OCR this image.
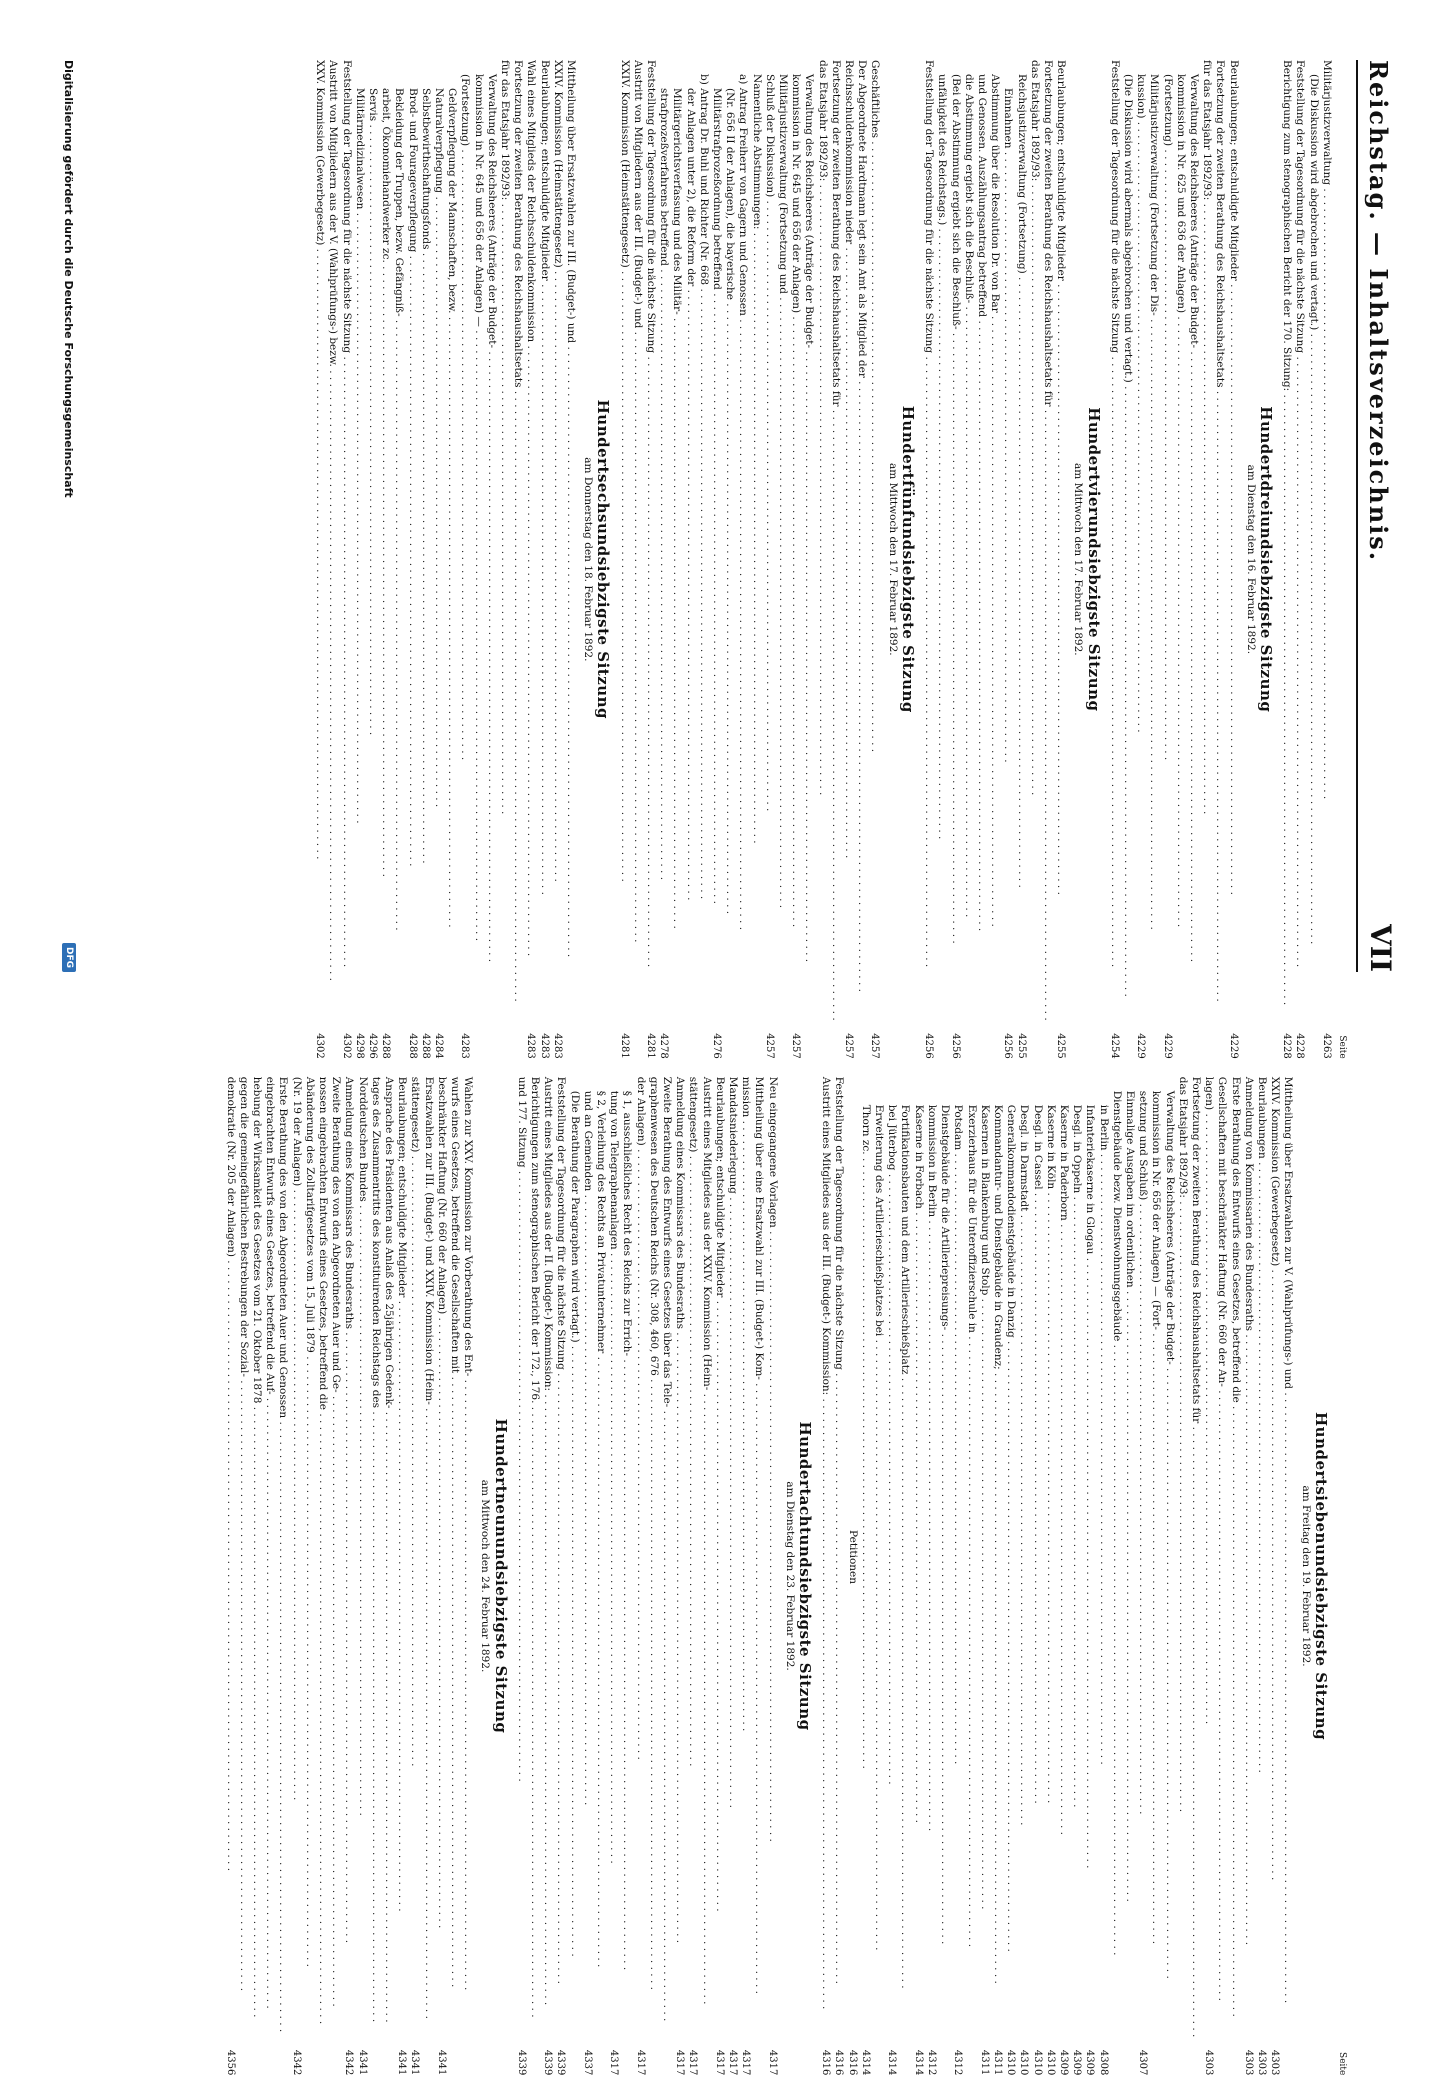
Reichstag. — Inhaltsverzeichnis.
VII
Seite
Militärjustizverwaltung . . .
4263
(Die Diskussion wird abgebrochen und vertagt.) . . .
Feststellung der Tagesordnung für die nächste Sitzung . . .
4228
Berichtigung zum stenographischen Bericht der 170. Sitzung: . . .
4228
Hundertdreiundsiebzigste Sitzung
am Dienstag den 16. Februar 1892.
Beurlaubungen; entschuldigte Mitglieder . . .
4229
Fortsetzung der zweiten Berathung des Reichshaushaltsetats . . .
für das Etatsjahr 1892/93: . . .
Verwaltung des Reichsheeres (Anträge der Budget- . . .
kommission in Nr. 625 und 636 der Anlagen) . . .
(Fortsetzung) . . .
4229
Militärjustizverwaltung (Fortsetzung der Dis- . . .
kussion) . . .
4229
(Die Diskussion wird abermals abgebrochen und vertagt.) . . .
Feststellung der Tagesordnung für die nächste Sitzung . . .
4254
Hundertvierundsiebzigste Sitzung
am Mittwoch den 17. Februar 1892.
Beurlaubungen; entschuldigte Mitglieder . . .
4255
Fortsetzung der zweiten Berathung des Reichshaushaltsetats für . . .
das Etatsjahr 1892/93: . . .
Reichsjustizverwaltung (Fortsetzung) . . .
4255
Einnahmen . . .
4256
Abstimmung über die Resolution Dr. von Bar . . .
und Genossen. Auszählungsantrag betreffend . . .
die Abstimmung ergiebt sich die Beschluß- . . .
(Bei der Abstimmung ergiebt sich die Beschluß- . . .
4256
unfähigkeit des Reichstags.) . . .
Feststellung der Tagesordnung für die nächste Sitzung . . .
4256
Hundertfünfundsiebzigste Sitzung
am Mittwoch den 17. Februar 1892.
Geschäftliches . . .
4257
Der Abgeordnete Hardtmann legt sein Amt als Mitglied der . . .
Reichsschuldenkommission nieder . . .
4257
Fortsetzung der zweiten Berathung des Reichshaushaltsetats für . . .
das Etatsjahr 1892/93: . . .
Verwaltung des Reichsheeres (Anträge der Budget- . . .
kommission in Nr. 645 und 656 der Anlagen) . . .
4257
Militärjustizverwaltung (Fortsetzung und . . .
Schluß der Diskussion) . . .
4257
Namentliche Abstimmungen: . . .
a) Antrag Freiherr von Gagern und Genossen . . .
(Nr. 656 II der Anlagen), die bayerische . . .
Militärstrafprozeßordnung betreffend . . .
4276
b) Antrag Dr. Buhl und Richter (Nr. 668 . . .
der Anlagen unter 2), die Reform der . . .
Militärgerichtsverfassung und des Militär- . . .
strafprozeßverfahrens betreffend . . .
4278
Feststellung der Tagesordnung für die nächste Sitzung . . .
4281
Austritt von Mitgliedern aus der III. (Budget-) und . . .
XXIV. Kommission (Heimstättengesetz) . . .
4281
Hundertsechsundsiebzigste Sitzung
am Donnerstag den 18. Februar 1892.
Mittheilung über Ersatzwahlen zur III. (Budget-) und . . .
XXIV. Kommission (Heimstättengesetz) . . .
4283
Beurlaubungen; entschuldigte Mitglieder . . .
4283
Wahl eines Mitglieds der Reichsschuldenkommission . . .
4283
Fortsetzung der zweiten Berathung des Reichshaushaltsetats . . .
für das Etatsjahr 1892/93: . . .
Verwaltung des Reichsheeres (Anträge der Budget- . . .
kommission in Nr. 645 und 656 der Anlagen) — . . .
(Fortsetzung) . . .
4283
Geldverpflegung der Mannschaften, bezw. . . .
Naturalverpflegung . . .
4284
Selbstbewirthschaftungsfonds . . .
4288
Brod- und Fourageverpflegung . . .
4288
Bekleidung der Truppen, bezw. Gefängniß- . . .
arbeit, Ökonomiehandwerker zc. . . .
4288
Servis . . .
4296
Militärmedizinalwesen . . .
4298
Feststellung der Tagesordnung für die nächste Sitzung . . .
4302
Austritt von Mitgliedern aus der V. (Wahlprüfungs-) bezw. . . .
XXV. Kommission (Gewerbegesetz) . . .
4302
Seite
Hundertsiebenundsiebzigste Sitzung
am Freitag den 19. Februar 1892.
Mittheilung über Ersatzwahlen zur V. (Wahlprüfungs-) und . . .
XXIV. Kommission (Gewerbegesetz) . . .
4303
Beurlaubungen . . .
4303
Anmeldung von Kommissarien des Bundesraths . . .
4303
Erste Berathung des Entwurfs eines Gesetzes, betreffend die . . .
Gesellschaften mit beschränkter Haftung (Nr. 660 der An- . . .
lagen) . . .
4303
Fortsetzung der zweiten Berathung des Reichshaushaltsetats für . . .
das Etatsjahr 1892/93: . . .
Verwaltung des Reichsheeres (Anträge der Budget- . . .
kommission in Nr. 656 der Anlagen) — (Fort- . . .
setzung und Schluß) . . .
4307
Einmalige Ausgaben im ordentlichen . . .
Dienstgebäude bezw. Dienstwohnungsgebäude . . .
in Berlin . . .
4308
Infanteriekaserne in Glogau . . .
4309
Desgl. in Oppeln . . .
4309
Kaserne in Paderborn . . .
4309
Kaserne in Köln . . .
4310
Desgl. in Cassel . . .
4310
Desgl. in Darmstadt . . .
4310
Generalkommandodienstgebäude in Danzig . . .
4310
Kommandantur- und Dienstgebäude in Graudenz; . . .
4311
Kasernen in Blankenburg und Stolp . . .
4311
Exerzierhaus für die Unteroffizierschule in . . .
Potsdam . . .
4312
Dienstgebäude für die Artilleriepreisungs- . . .
kommission in Berlin . . .
4312
Kaserne in Forbach . . .
4314
Fortifikationsbauten und dem Artillerieschießplatz . . .
bei Jüterbog . . .
4314
Erweiterung des Artillerieschießplatzes bei . . .
Thorn zc. . . .
4314
Petitionen
4316
Feststellung der Tagesordnung für die nächste Sitzung . . .
4316
Austritt eines Mitgliedes aus der III. (Budget-) Kommission: . . .
4316
Hundertachtundsiebzigste Sitzung
am Dienstag den 23. Februar 1892.
Neu eingegangene Vorlagen . . .
4317
Mittheilung über eine Ersatzwahl zur III. (Budget-) Kom- . . .
mission . . .
4317
Mandatsniederlegung . . .
4317
Beurlaubungen; entschuldigte Mitglieder . . .
4317
Austritt eines Mitgliedes aus der XXIV. Kommission (Heim- . . .
stättengesetz) . . .
4317
Anmeldung eines Kommissars des Bundesraths . . .
4317
Zweite Berathung des Entwurfs eines Gesetzes über das Tele- . . .
graphenwesen des Deutschen Reichs (Nr. 308, 460, 676 . . .
der Anlagen) . . .
4317
§ 1, ausschließliches Recht des Reichs zur Errich- . . .
tung von Telegraphenanlagen . . .
4317
§ 2, Verleihung des Rechts an Privatunternehmer . . .
und an Gemeinden . . .
4337
(Die Berathung der Paragraphen wird vertagt.) . . .
Feststellung der Tagesordnung für die nächste Sitzung . . .
4339
Austritt eines Mitgliedes aus der II. (Budget-) Kommission: . . .
4339
Berichtigungen zum stenographischen Bericht der 172., 176. . . .
und 177. Sitzung . . .
4339
Hundertneunundsiebzigste Sitzung
am Mittwoch den 24. Februar 1892.
Wahlen zur XXV. Kommission zur Vorberathung des Ent- . . .
wurfs eines Gesetzes, betreffend die Gesellschaften mit . . .
beschränkter Haftung (Nr. 660 der Anlagen) . . .
4341
Ersatzwahlen zur III. (Budget-) und XXIV. Kommission (Heim- . . .
stättengesetz) . . .
4341
Beurlaubungen; entschuldigte Mitglieder . . .
4341
Ansprache des Präsidenten aus Anlaß des 25jährigen Gedenk- . . .
tages des Zusammentritts des konstituirenden Reichstags des . . .
Norddeutschen Bundes . . .
4341
Anmeldung eines Kommissars des Bundesraths . . .
4342
Zweite Berathung des von den Abgeordneten Auer und Ge- . . .
nossen eingebrachten Entwurfs eines Gesetzes, betreffend die . . .
Abänderung des Zolltarifgesetzes vom 15. Juli 1879 . . .
(Nr. 19 der Anlagen) . . .
4342
Erste Berathung des von den Abgeordneten Auer und Genossen . . .
eingebrachten Entwurfs eines Gesetzes, betreffend die Auf- . . .
hebung der Wirksamkeit des Gesetzes vom 21. Oktober 1878 . . .
gegen die gemeingefährlichen Bestrebungen der Sozial- . . .
demokratie (Nr. 205 der Anlagen) . . .
4356
Digitalisierung gefördert durch die Deutsche Forschungsgemeinschaft
DFG
